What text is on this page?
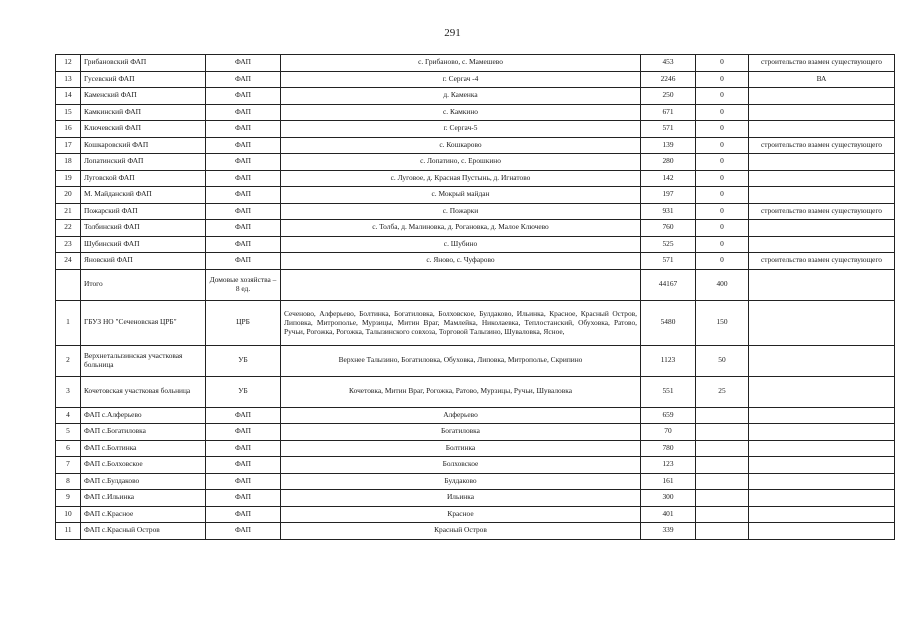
291
12	Грибановский ФАП	ФАП	с. Грибаново, с. Мамешево	453	0	строительство взамен существующего
13	Гусевский ФАП	ФАП	г. Сергач -4	2246	0	ВА
14	Каменский ФАП	ФАП	д. Каменка	250	0	
15	Камкинский ФАП	ФАП	с. Камкино	671	0	
16	Ключевский ФАП	ФАП	г. Сергач-5	571	0	
17	Кошкаровский ФАП	ФАП	с. Кошкарово	139	0	строительство взамен существующего
18	Лопатинский ФАП	ФАП	с. Лопатино, с. Ерошкино	280	0	
19	Луговской ФАП	ФАП	с. Луговое, д. Красная Пустынь, д. Игнатово	142	0	
20	М. Майданский ФАП	ФАП	с. Мокрый майдан	197	0	
21	Пожарский ФАП	ФАП	с. Пожарки	931	0	строительство взамен существующего
22	Толбинский ФАП	ФАП	с. Толба, д. Малиновка, д. Рогановка, д. Малое Ключево	760	0	
23	Шубинский ФАП	ФАП	с. Шубино	525	0	
24	Яновский ФАП	ФАП	с. Яново, с. Чуфарово	571	0	строительство взамен существующего
	Итого	Домовые хозяйства – 8 ед.		44167	400	
1	ГБУЗ НО "Сеченовская ЦРБ"	ЦРБ	Сеченово, Алферьево, Болтинка, Богатиловка, Болховское, Булдаково, Ильинка, Красное, Красный Остров, Липовка, Митрополье, Мурзицы, Митин Враг, Мамлейка, Николаевка, Теплостанский, Обуховка, Ратово, Ручьи, Рогожка, Рогожка, Талызинского совхоза, Торговой Талызино, Шуваловка, Ясное,	5480	150	
2	Верхнеталызинская участковая больница	УБ	Верхнее Талызино, Богатиловка, Обуховка, Липовка, Митрополье, Скрипино	1123	50	
3	Кочетовская участковая больница	УБ	Кочетовка, Митин Враг, Рогожка, Ратово, Мурзицы, Ручьи, Шуваловка	551	25	
4	ФАП с.Алферьево	ФАП	Алферьево	659		
5	ФАП с.Богатиловка	ФАП	Богатиловка	70		
6	ФАП с.Болтинка	ФАП	Болтинка	780		
7	ФАП с.Болховское	ФАП	Болховское	123		
8	ФАП с.Булдаково	ФАП	Булдаково	161		
9	ФАП с.Ильинка	ФАП	Ильинка	300		
10	ФАП с.Красное	ФАП	Красное	401		
11	ФАП с.Красный Остров	ФАП	Красный Остров	339		
